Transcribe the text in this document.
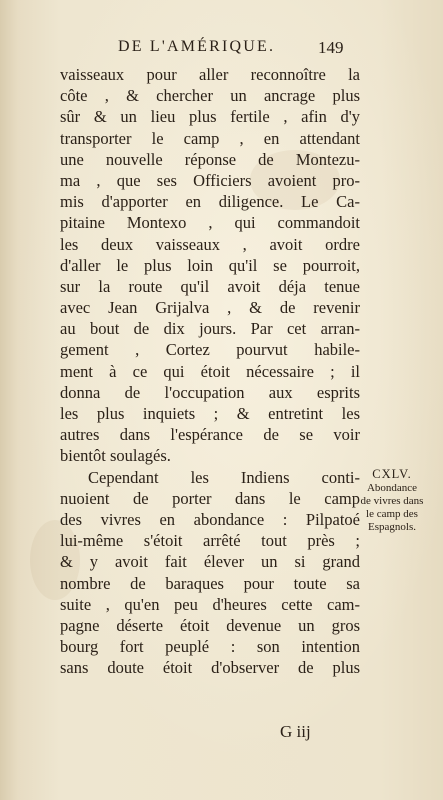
DE L'AMÉRIQUE.	149
vaisseaux pour aller reconnoître la
côte , & chercher un ancrage plus
sûr & un lieu plus fertile , afin d'y
transporter le camp , en attendant
une nouvelle réponse de Montezu-
ma , que ses Officiers avoient pro-
mis d'apporter en diligence. Le Ca-
pitaine Montexo , qui commandoit
les deux vaisseaux , avoit ordre
d'aller le plus loin qu'il se pourroit,
sur la route qu'il avoit déja tenue
avec Jean Grijalva , & de revenir
au bout de dix jours. Par cet arran-
gement , Cortez pourvut habile-
ment à ce qui étoit nécessaire ; il
donna de l'occupation aux esprits
les plus inquiets ; & entretint les
autres dans l'espérance de se voir
bientôt soulagés.
Cependant les Indiens conti-
nuoient de porter dans le camp
des vivres en abondance : Pilpatoé
lui-même s'étoit arrêté tout près ;
& y avoit fait élever un si grand
nombre de baraques pour toute sa
suite , qu'en peu d'heures cette cam-
pagne déserte étoit devenue un gros
bourg fort peuplé : son intention
sans doute étoit d'observer de plus
CXLV.
Abondance
de vivres dans
le camp des
Espagnols.
G iij
